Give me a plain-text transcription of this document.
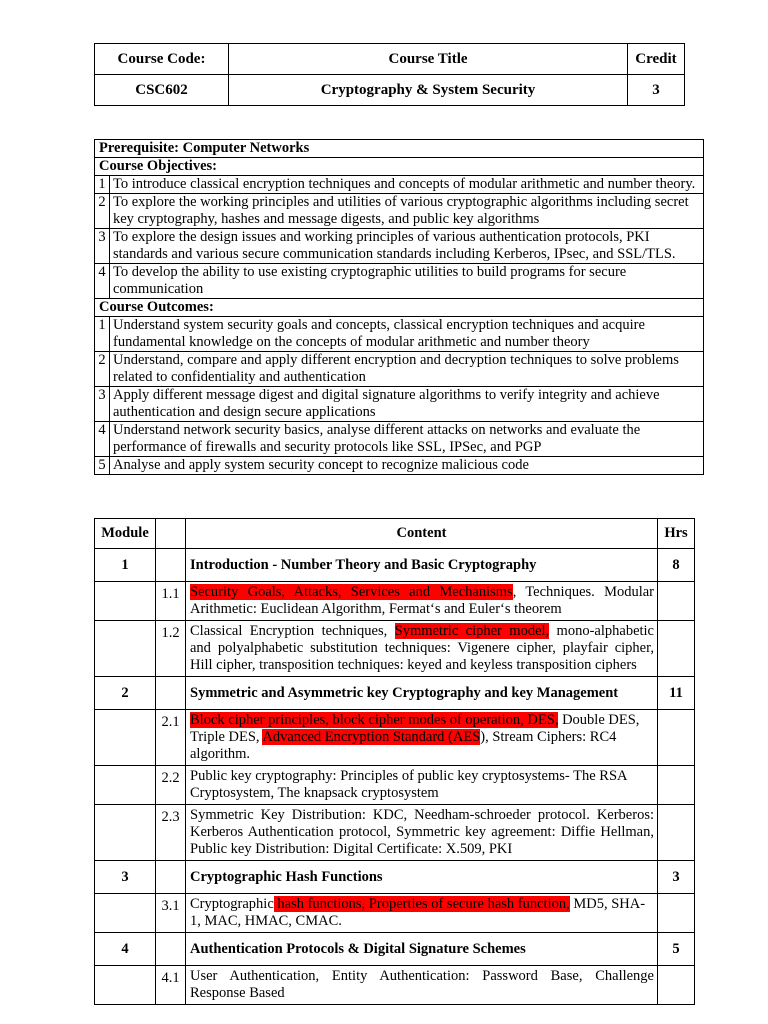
Course Code:	Course Title	Credit
CSC602	Cryptography & System Security	3
Prerequisite: Computer Networks	
Course Objectives:	
1	To introduce classical encryption techniques and concepts of modular arithmetic and number theory.
2	To explore the working principles and utilities of various cryptographic algorithms including secret key cryptography, hashes and message digests, and public key algorithms
3	To explore the design issues and working principles of various authentication protocols, PKI standards and various secure communication standards including Kerberos, IPsec, and SSL/TLS.
4	To develop the ability to use existing cryptographic utilities to build programs for secure communication
Course Outcomes:	
1	Understand system security goals and concepts, classical encryption techniques and acquire fundamental knowledge on the concepts of modular arithmetic and number theory
2	Understand, compare and apply different encryption and decryption techniques to solve problems related to confidentiality and authentication
3	Apply different message digest and digital signature algorithms to verify integrity and achieve authentication and design secure applications
4	Understand network security basics, analyse different attacks on networks and evaluate the performance of firewalls and security protocols like SSL, IPSec, and PGP
5	Analyse and apply system security concept to recognize malicious code
Module		Content	Hrs
1		Introduction - Number Theory and Basic Cryptography	8
	1.1	Security Goals, Attacks, Services and Mechanisms, Techniques. Modular Arithmetic: Euclidean Algorithm, Fermat‘s and Euler‘s theorem	
	1.2	Classical Encryption techniques, Symmetric cipher model, mono-alphabetic and polyalphabetic substitution techniques: Vigenere cipher, playfair cipher, Hill cipher, transposition techniques: keyed and keyless transposition ciphers	
2		Symmetric and Asymmetric key Cryptography and key Management	11
	2.1	Block cipher principles, block cipher modes of operation, DES, Double DES, Triple DES, Advanced Encryption Standard (AES), Stream Ciphers: RC4 algorithm.	
	2.2	Public key cryptography: Principles of public key cryptosystems- The RSA Cryptosystem, The knapsack cryptosystem	
	2.3	Symmetric Key Distribution: KDC, Needham-schroeder protocol. Kerberos: Kerberos Authentication protocol, Symmetric key agreement: Diffie Hellman, Public key Distribution: Digital Certificate: X.509, PKI	
3		Cryptographic Hash Functions	3
	3.1	Cryptographic hash functions, Properties of secure hash function, MD5, SHA-1, MAC, HMAC, CMAC.	
4		Authentication Protocols & Digital Signature Schemes	5
	4.1	User Authentication, Entity Authentication: Password Base, Challenge Response Based	
